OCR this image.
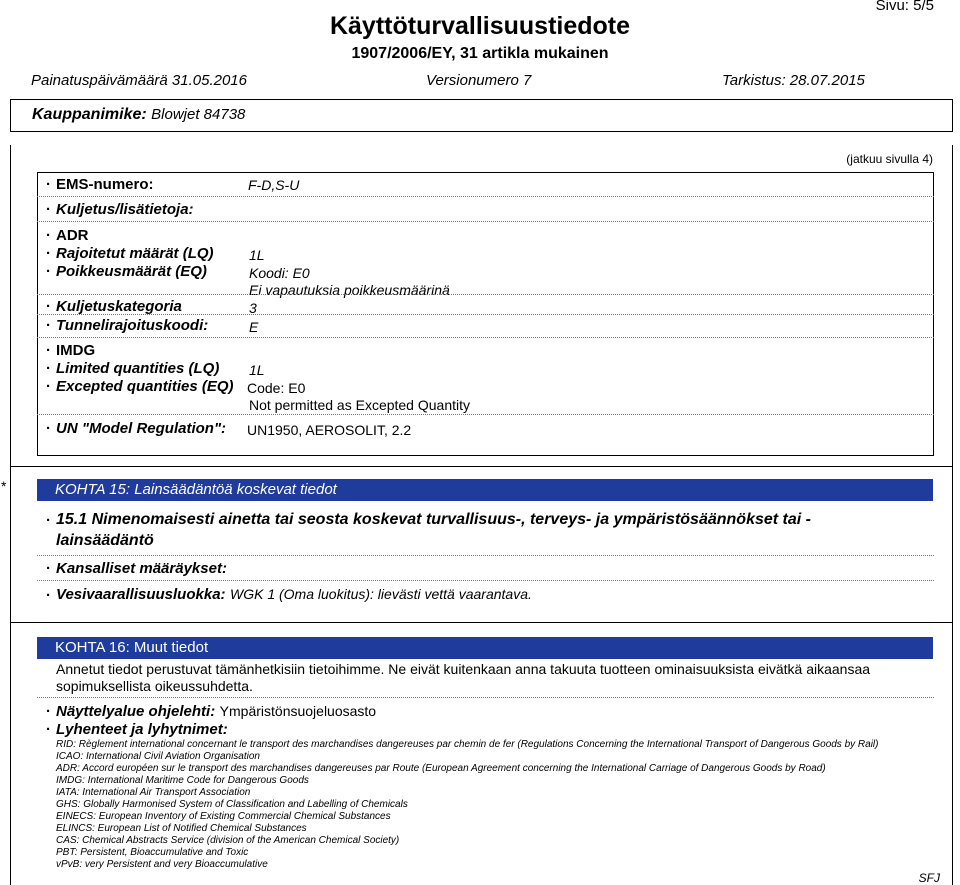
Käyttöturvallisuustiedote
1907/2006/EY, 31 artikla mukainen
Sivu: 5/5
Painatuspäivämäärä 31.05.2016	Versionumero 7	Tarkistus: 28.07.2015
Kauppanimike: Blowjet 84738
(jatkuu sivulla 4)
· EMS-numero:	F-D,S-U
· Kuljetus/lisätietoja:
· ADR
· Rajoitetut määrät (LQ)	1L
· Poikkeusmäärät (EQ)	Koodi: E0
Ei vapautuksia poikkeusmäärinä
· Kuljetuskategoria	3
· Tunnelirajoituskoodi:	E
· IMDG
· Limited quantities (LQ) 1L
· Excepted quantities (EQ) Code: E0
Not permitted as Excepted Quantity
· UN "Model Regulation": UN1950, AEROSOLIT, 2.2
*	KOHTA 15: Lainsäädäntöä koskevat tiedot
· 15.1 Nimenomaisesti ainetta tai seosta koskevat turvallisuus-, terveys- ja ympäristösäännökset tai -
lainsäädäntö
· Kansalliset määräykset:
· Vesivaarallisuusluokka: WGK 1 (Oma luokitus): lievästi vettä vaarantava.
KOHTA 16: Muut tiedot
Annetut tiedot perustuvat tämänhetkisiin tietoihimme. Ne eivät kuitenkaan anna takuuta tuotteen ominaisuuksista eivätkä aikaansaa
sopimuksellista oikeussuhdetta.
· Näyttelyalue ohjelehti: Ympäristönsuojeluosasto
· Lyhenteet ja lyhytnimet:
RID: Règlement international concernant le transport des marchandises dangereuses par chemin de fer (Regulations Concerning the International Transport of Dangerous Goods by Rail)
ICAO: International Civil Aviation Organisation
ADR: Accord européen sur le transport des marchandises dangereuses par Route (European Agreement concerning the International Carriage of Dangerous Goods by Road)
IMDG: International Maritime Code for Dangerous Goods
IATA: International Air Transport Association
GHS: Globally Harmonised System of Classification and Labelling of Chemicals
EINECS: European Inventory of Existing Commercial Chemical Substances
ELINCS: European List of Notified Chemical Substances
CAS: Chemical Abstracts Service (division of the American Chemical Society)
PBT: Persistent, Bioaccumulative and Toxic
vPvB: very Persistent and very Bioaccumulative
SFJ
